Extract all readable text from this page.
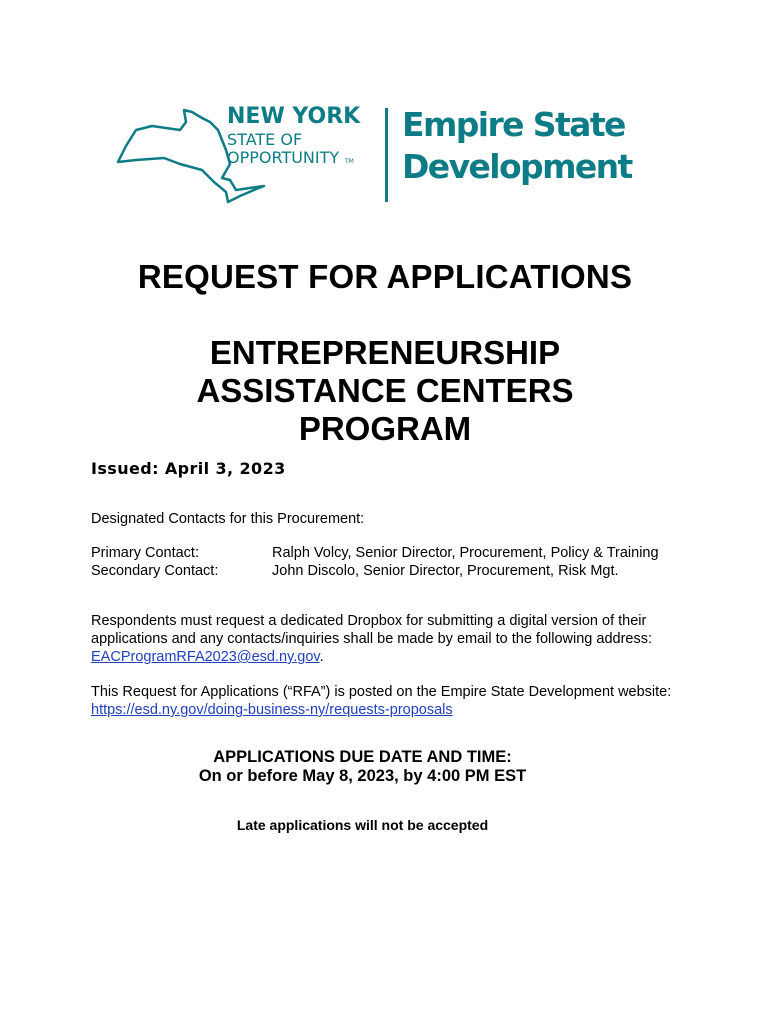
NEW YORK
STATE OF
OPPORTUNITY TM
Empire State
Development
REQUEST FOR APPLICATIONS
ENTREPRENEURSHIP
ASSISTANCE CENTERS
PROGRAM

Issued: April 3, 2023

Designated Contacts for this Procurement:

Primary Contact:	Ralph Volcy, Senior Director, Procurement, Policy & Training
Secondary Contact:	John Discolo, Senior Director, Procurement, Risk Mgt.

Respondents must request a dedicated Dropbox for submitting a digital version of their applications and any contacts/inquiries shall be made by email to the following address: EACProgramRFA2023@esd.ny.gov.

This Request for Applications (“RFA”) is posted on the Empire State Development website: https://esd.ny.gov/doing-business-ny/requests-proposals

APPLICATIONS DUE DATE AND TIME:
On or before May 8, 2023, by 4:00 PM EST

Late applications will not be accepted
